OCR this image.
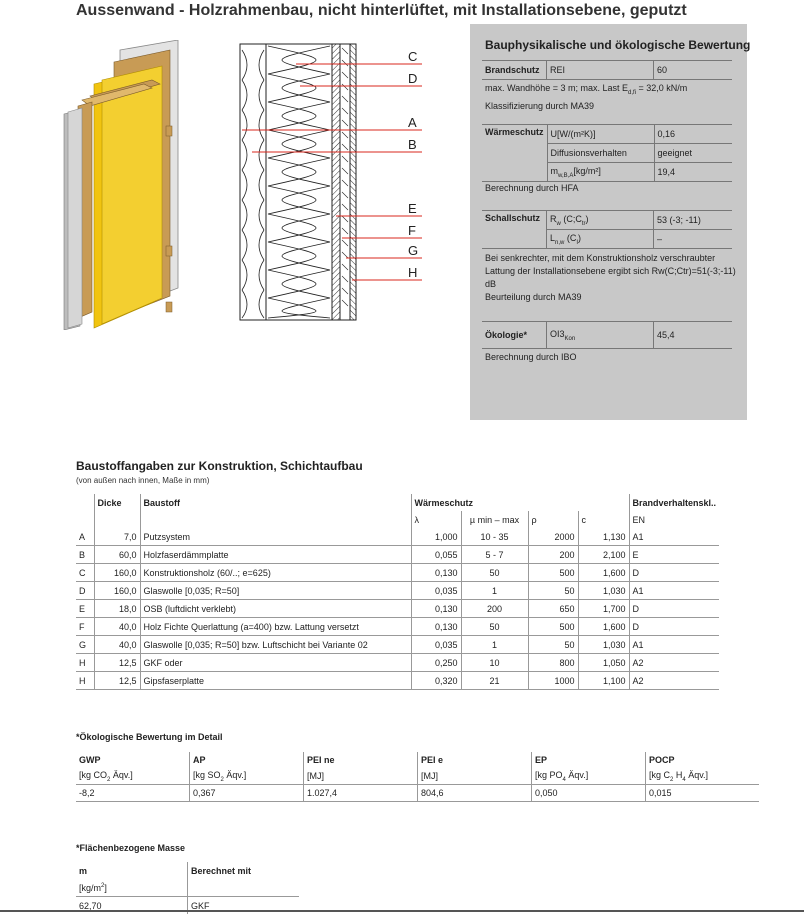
Aussenwand - Holzrahmenbau, nicht hinterlüftet, mit Installationsebene, geputzt
C
D
A
B
E
F
G
H
Bauphysikalische und ökologische Bewertung
Brandschutz	REI	60
max. Wandhöhe = 3 m; max. Last $E_{d,fi} = 32,0$ kN/m
Klassifizierung durch MA39
Wärmeschutz	U[W/(m²K)]	0,16
	Diffusionsverhalten	geeignet
	$m_{w,B,A}[kg/m^2]$	19,4
Berechnung durch HFA
Schallschutz	$R_w$ $(C;C_{tr})$	53 (-3; -11)
	$L_{n,w}$ $(C_I)$	–
Bei senkrechter, mit dem Konstruktionsholz verschraubter
Lattung der Installationsebene ergibt sich Rw(C;Ctr)=51(-3;-11)
dB
Beurteilung durch MA39
Ökologie*	$OI3_{Kon}$	45,4
Berechnung durch IBO
Baustoffangaben zur Konstruktion, Schichtaufbau
(von außen nach innen, Maße in mm)
	Dicke	Baustoff	Wärmeschutz				Brandverhaltenskl..
			λ	µ min – max	ρ	c	EN
A	7,0	Putzsystem	1,000	10 - 35	2000	1,130	A1
B	60,0	Holzfaserdämmplatte	0,055	5 - 7	200	2,100	E
C	160,0	Konstruktionsholz (60/..; e=625)	0,130	50	500	1,600	D
D	160,0	Glaswolle [0,035; R=50]	0,035	1	50	1,030	A1
E	18,0	OSB (luftdicht verklebt)	0,130	200	650	1,700	D
F	40,0	Holz Fichte Querlattung (a=400) bzw. Lattung versetzt	0,130	50	500	1,600	D
G	40,0	Glaswolle [0,035; R=50] bzw. Luftschicht bei Variante 02	0,035	1	50	1,030	A1
H	12,5	GKF oder	0,250	10	800	1,050	A2
H	12,5	Gipsfaserplatte	0,320	21	1000	1,100	A2
*Ökologische Bewertung im Detail
GWP	AP	PEI ne	PEI e	EP	POCP
[kg $CO_2$ Äqv.]	[kg $SO_2$ Äqv.]	[MJ]	[MJ]	[kg $PO_4$ Äqv.]	[kg $C_2$ $H_4$ Äqv.]
-8,2	0,367	1.027,4	804,6	0,050	0,015
*Flächenbezogene Masse
m	Berechnet mit
$[kg/m^2]$	
62,70	GKF
